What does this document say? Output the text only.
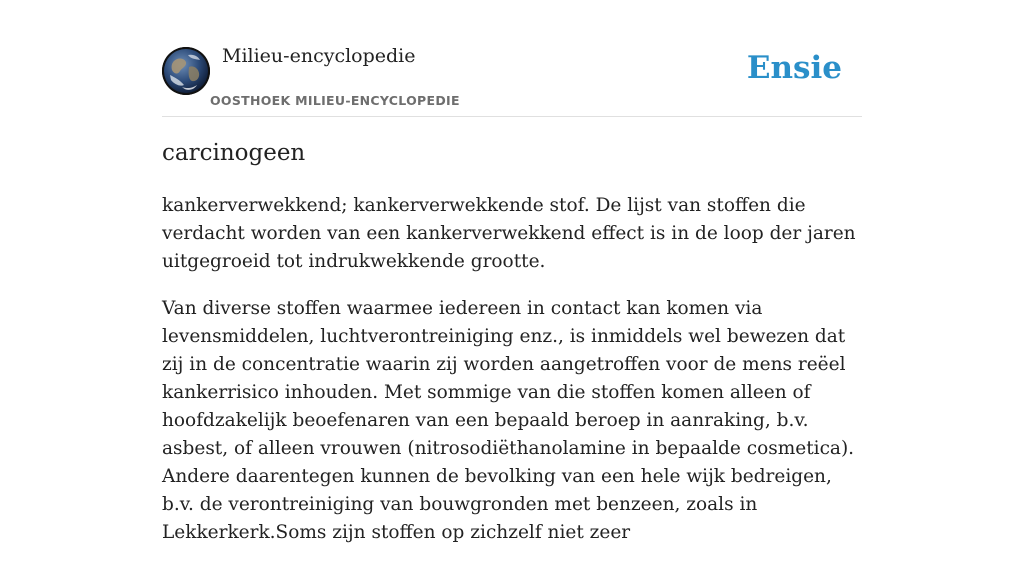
Milieu-encyclopedie
OOSTHOEK MILIEU-ENCYCLOPEDIE
Ensie
carcinogeen

kankerverwekkend; kankerverwekkende stof. De lijst van stoffen die verdacht worden van een kankerverwekkend effect is in de loop der jaren uitgegroeid tot indrukwekkende grootte.

Van diverse stoffen waarmee iedereen in contact kan komen via levensmiddelen, luchtverontreiniging enz., is inmiddels wel bewezen dat zij in de concentratie waarin zij worden aangetroffen voor de mens reëel kankerrisico inhouden. Met sommige van die stoffen komen alleen of hoofdzakelijk beoefenaren van een bepaald beroep in aanraking, b.v. asbest, of alleen vrouwen (nitrosodiëthanolamine in bepaalde cosmetica). Andere daarentegen kunnen de bevolking van een hele wijk bedreigen, b.v. de verontreiniging van bouwgronden met benzeen, zoals in Lekkerkerk.Soms zijn stoffen op zichzelf niet zeer
